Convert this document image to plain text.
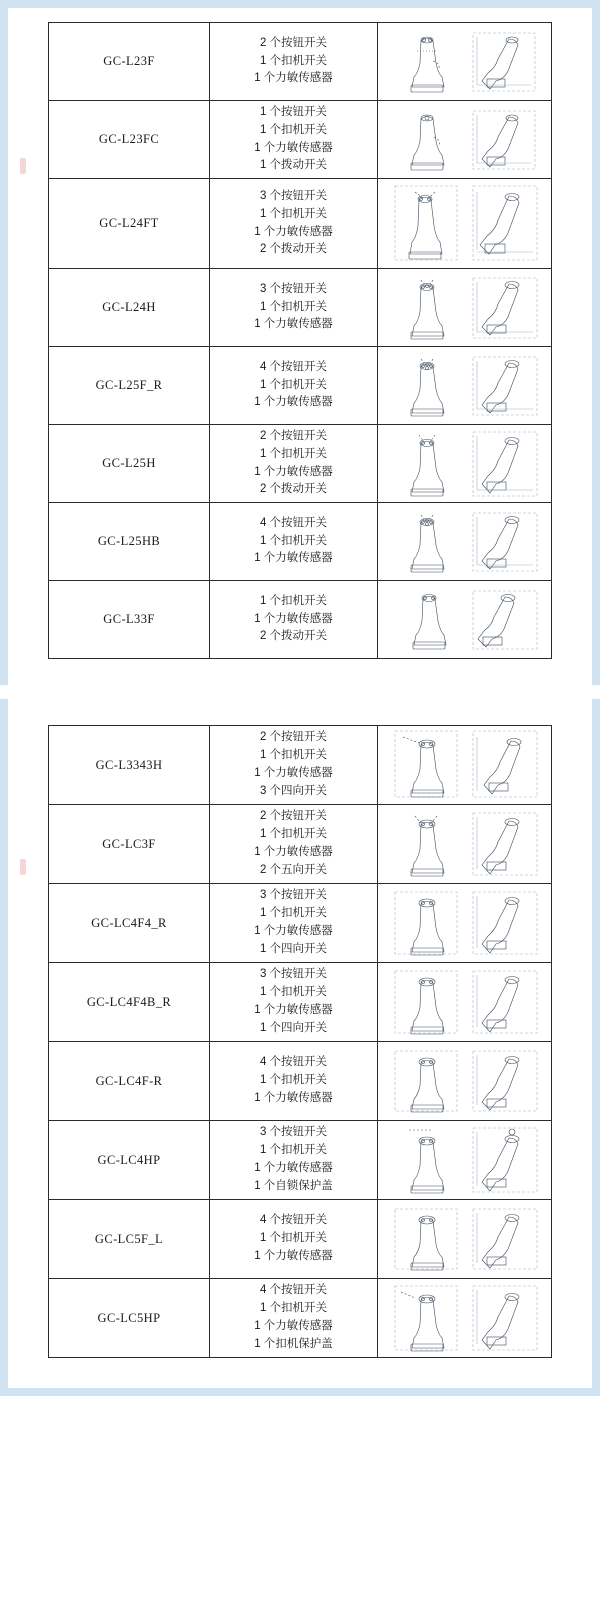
GC-L23F	2 个按钮开关
1 个扣机开关
1 个力敏传感器

GC-L23FC	1 个按钮开关
1 个扣机开关
1 个力敏传感器
1 个拨动开关

GC-L24FT	3 个按钮开关
1 个扣机开关
1 个力敏传感器
2 个拨动开关

GC-L24H	3 个按钮开关
1 个扣机开关
1 个力敏传感器

GC-L25F_R	4 个按钮开关
1 个扣机开关
1 个力敏传感器

GC-L25H	2 个按钮开关
1 个扣机开关
1 个力敏传感器
2 个拨动开关

GC-L25HB	4 个按钮开关
1 个扣机开关
1 个力敏传感器

GC-L33F	1 个扣机开关
1 个力敏传感器
2 个拨动开关

GC-L3343H	2 个按钮开关
1 个扣机开关
1 个力敏传感器
3 个四向开关

GC-LC3F	2 个按钮开关
1 个扣机开关
1 个力敏传感器
2 个五向开关

GC-LC4F4_R	3 个按钮开关
1 个扣机开关
1 个力敏传感器
1 个四向开关

GC-LC4F4B_R	3 个按钮开关
1 个扣机开关
1 个力敏传感器
1 个四向开关

GC-LC4F-R	4 个按钮开关
1 个扣机开关
1 个力敏传感器

GC-LC4HP	3 个按钮开关
1 个扣机开关
1 个力敏传感器
1 个自锁保护盖

GC-LC5F_L	4 个按钮开关
1 个扣机开关
1 个力敏传感器

GC-LC5HP	4 个按钮开关
1 个扣机开关
1 个力敏传感器
1 个扣机保护盖
